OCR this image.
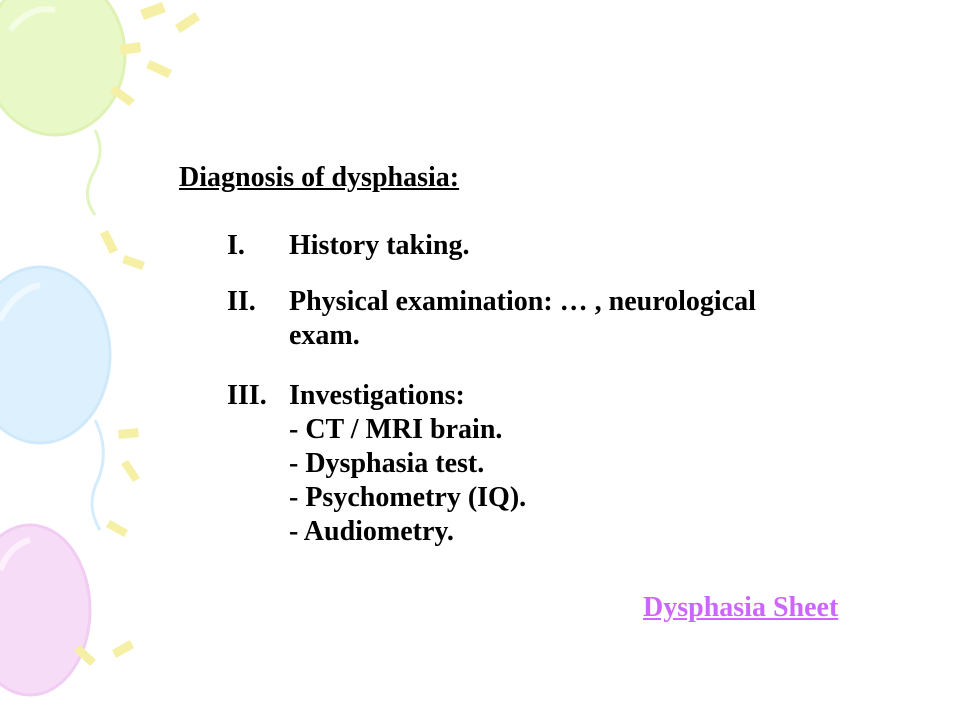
Diagnosis of dysphasia:
I.	History taking.
II.	Physical examination: … , neurological
exam.
III. Investigations:
- CT / MRI brain.
- Dysphasia test.
- Psychometry (IQ).
- Audiometry.
Dysphasia Sheet
